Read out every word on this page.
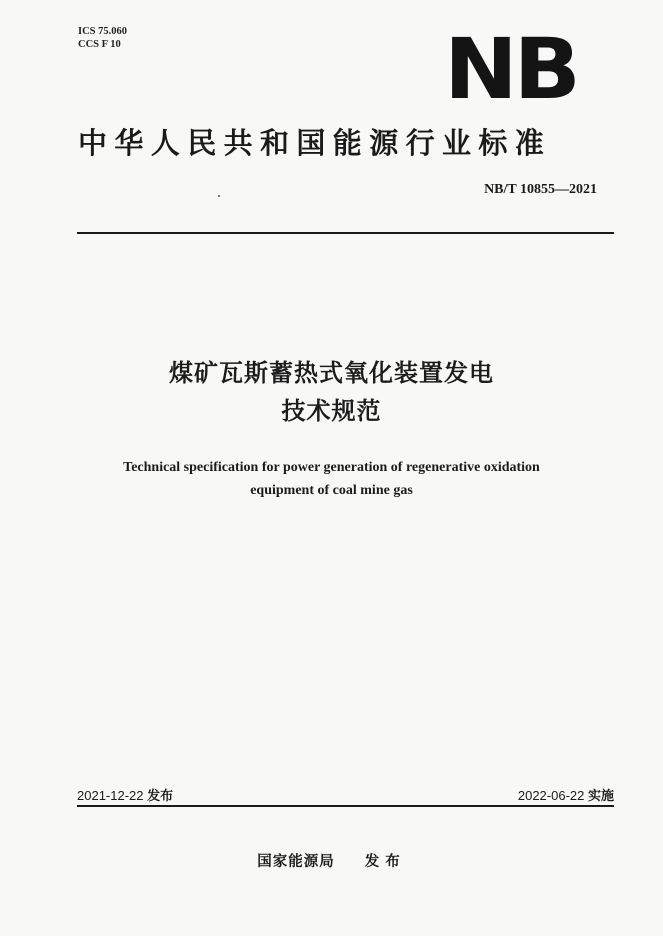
ICS 75.060
CCS F 10	NB
中华人民共和国能源行业标准
NB/T 10855—2021
煤矿瓦斯蓄热式氧化装置发电
技术规范
Technical specification for power generation of regenerative oxidation
equipment of coal mine gas
2021-12-22 发布	2022-06-22 实施
国家能源局 发布
